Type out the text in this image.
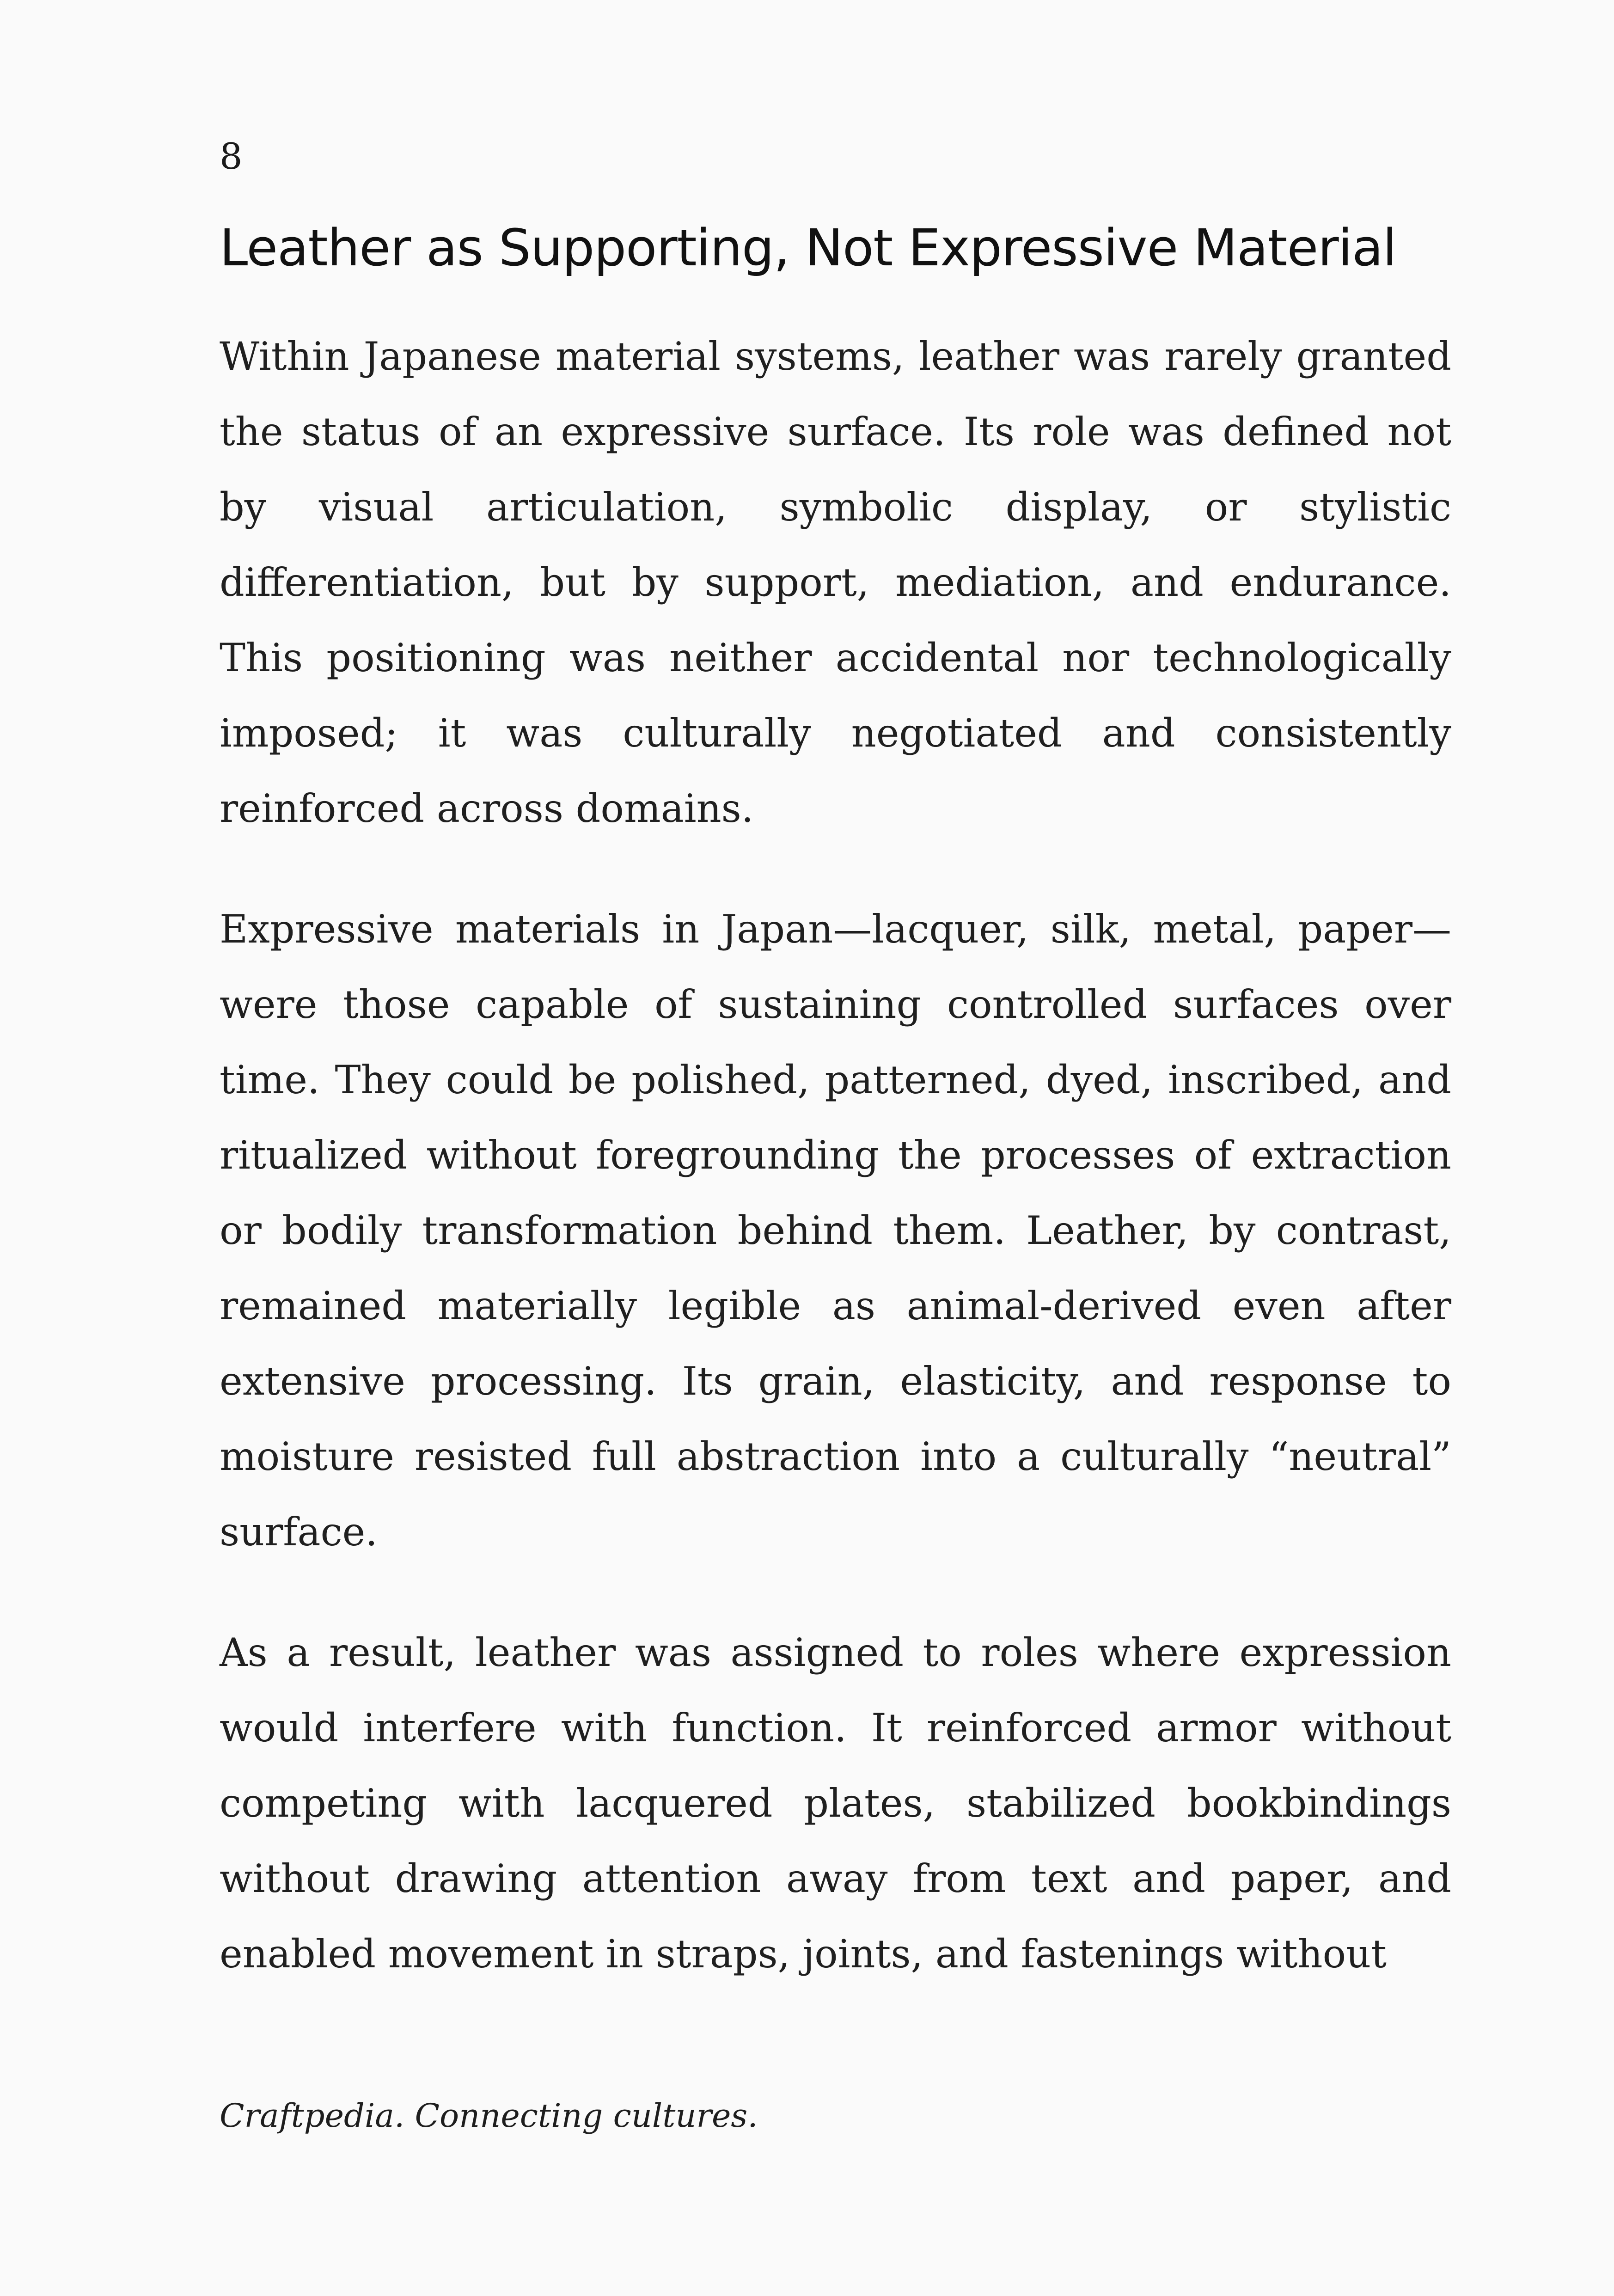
8
Leather as Supporting, Not Expressive Material

Within Japanese material systems, leather was rarely granted the status of an expressive surface. Its role was defined not by visual articulation, symbolic display, or stylistic differentiation, but by support, mediation, and endurance. This positioning was neither accidental nor technologically imposed; it was culturally negotiated and consistently reinforced across domains.

Expressive materials in Japan—lacquer, silk, metal, paper—were those capable of sustaining controlled surfaces over time. They could be polished, patterned, dyed, inscribed, and ritualized without foregrounding the processes of extraction or bodily transformation behind them. Leather, by contrast, remained materially legible as animal-derived even after extensive processing. Its grain, elasticity, and response to moisture resisted full abstraction into a culturally “neutral” surface.

As a result, leather was assigned to roles where expression would interfere with function. It reinforced armor without competing with lacquered plates, stabilized bookbindings without drawing attention away from text and paper, and enabled movement in straps, joints, and fastenings without

Craftpedia. Connecting cultures.
